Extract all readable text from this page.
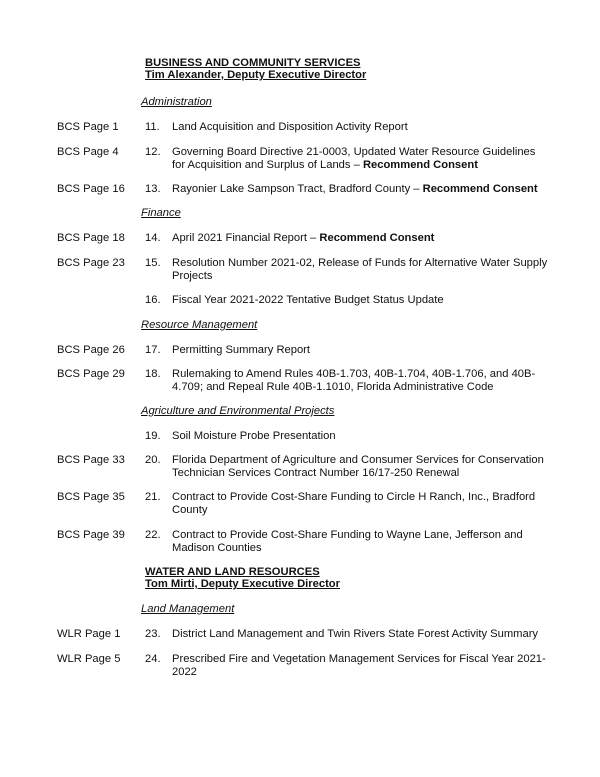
BUSINESS AND COMMUNITY SERVICES
Tim Alexander, Deputy Executive Director
Administration
BCS Page 1 11. Land Acquisition and Disposition Activity Report
BCS Page 4 12. Governing Board Directive 21-0003, Updated Water Resource Guidelines for Acquisition and Surplus of Lands – Recommend Consent
BCS Page 16 13. Rayonier Lake Sampson Tract, Bradford County – Recommend Consent
Finance
BCS Page 18 14. April 2021 Financial Report – Recommend Consent
BCS Page 23 15. Resolution Number 2021-02, Release of Funds for Alternative Water Supply Projects
16. Fiscal Year 2021-2022 Tentative Budget Status Update
Resource Management
BCS Page 26 17. Permitting Summary Report
BCS Page 29 18. Rulemaking to Amend Rules 40B-1.703, 40B-1.704, 40B-1.706, and 40B-4.709; and Repeal Rule 40B-1.1010, Florida Administrative Code
Agriculture and Environmental Projects
19. Soil Moisture Probe Presentation
BCS Page 33 20. Florida Department of Agriculture and Consumer Services for Conservation Technician Services Contract Number 16/17-250 Renewal
BCS Page 35 21. Contract to Provide Cost-Share Funding to Circle H Ranch, Inc., Bradford County
BCS Page 39 22. Contract to Provide Cost-Share Funding to Wayne Lane, Jefferson and Madison Counties
WATER AND LAND RESOURCES
Tom Mirti, Deputy Executive Director
Land Management
WLR Page 1 23. District Land Management and Twin Rivers State Forest Activity Summary
WLR Page 5 24. Prescribed Fire and Vegetation Management Services for Fiscal Year 2021-2022
